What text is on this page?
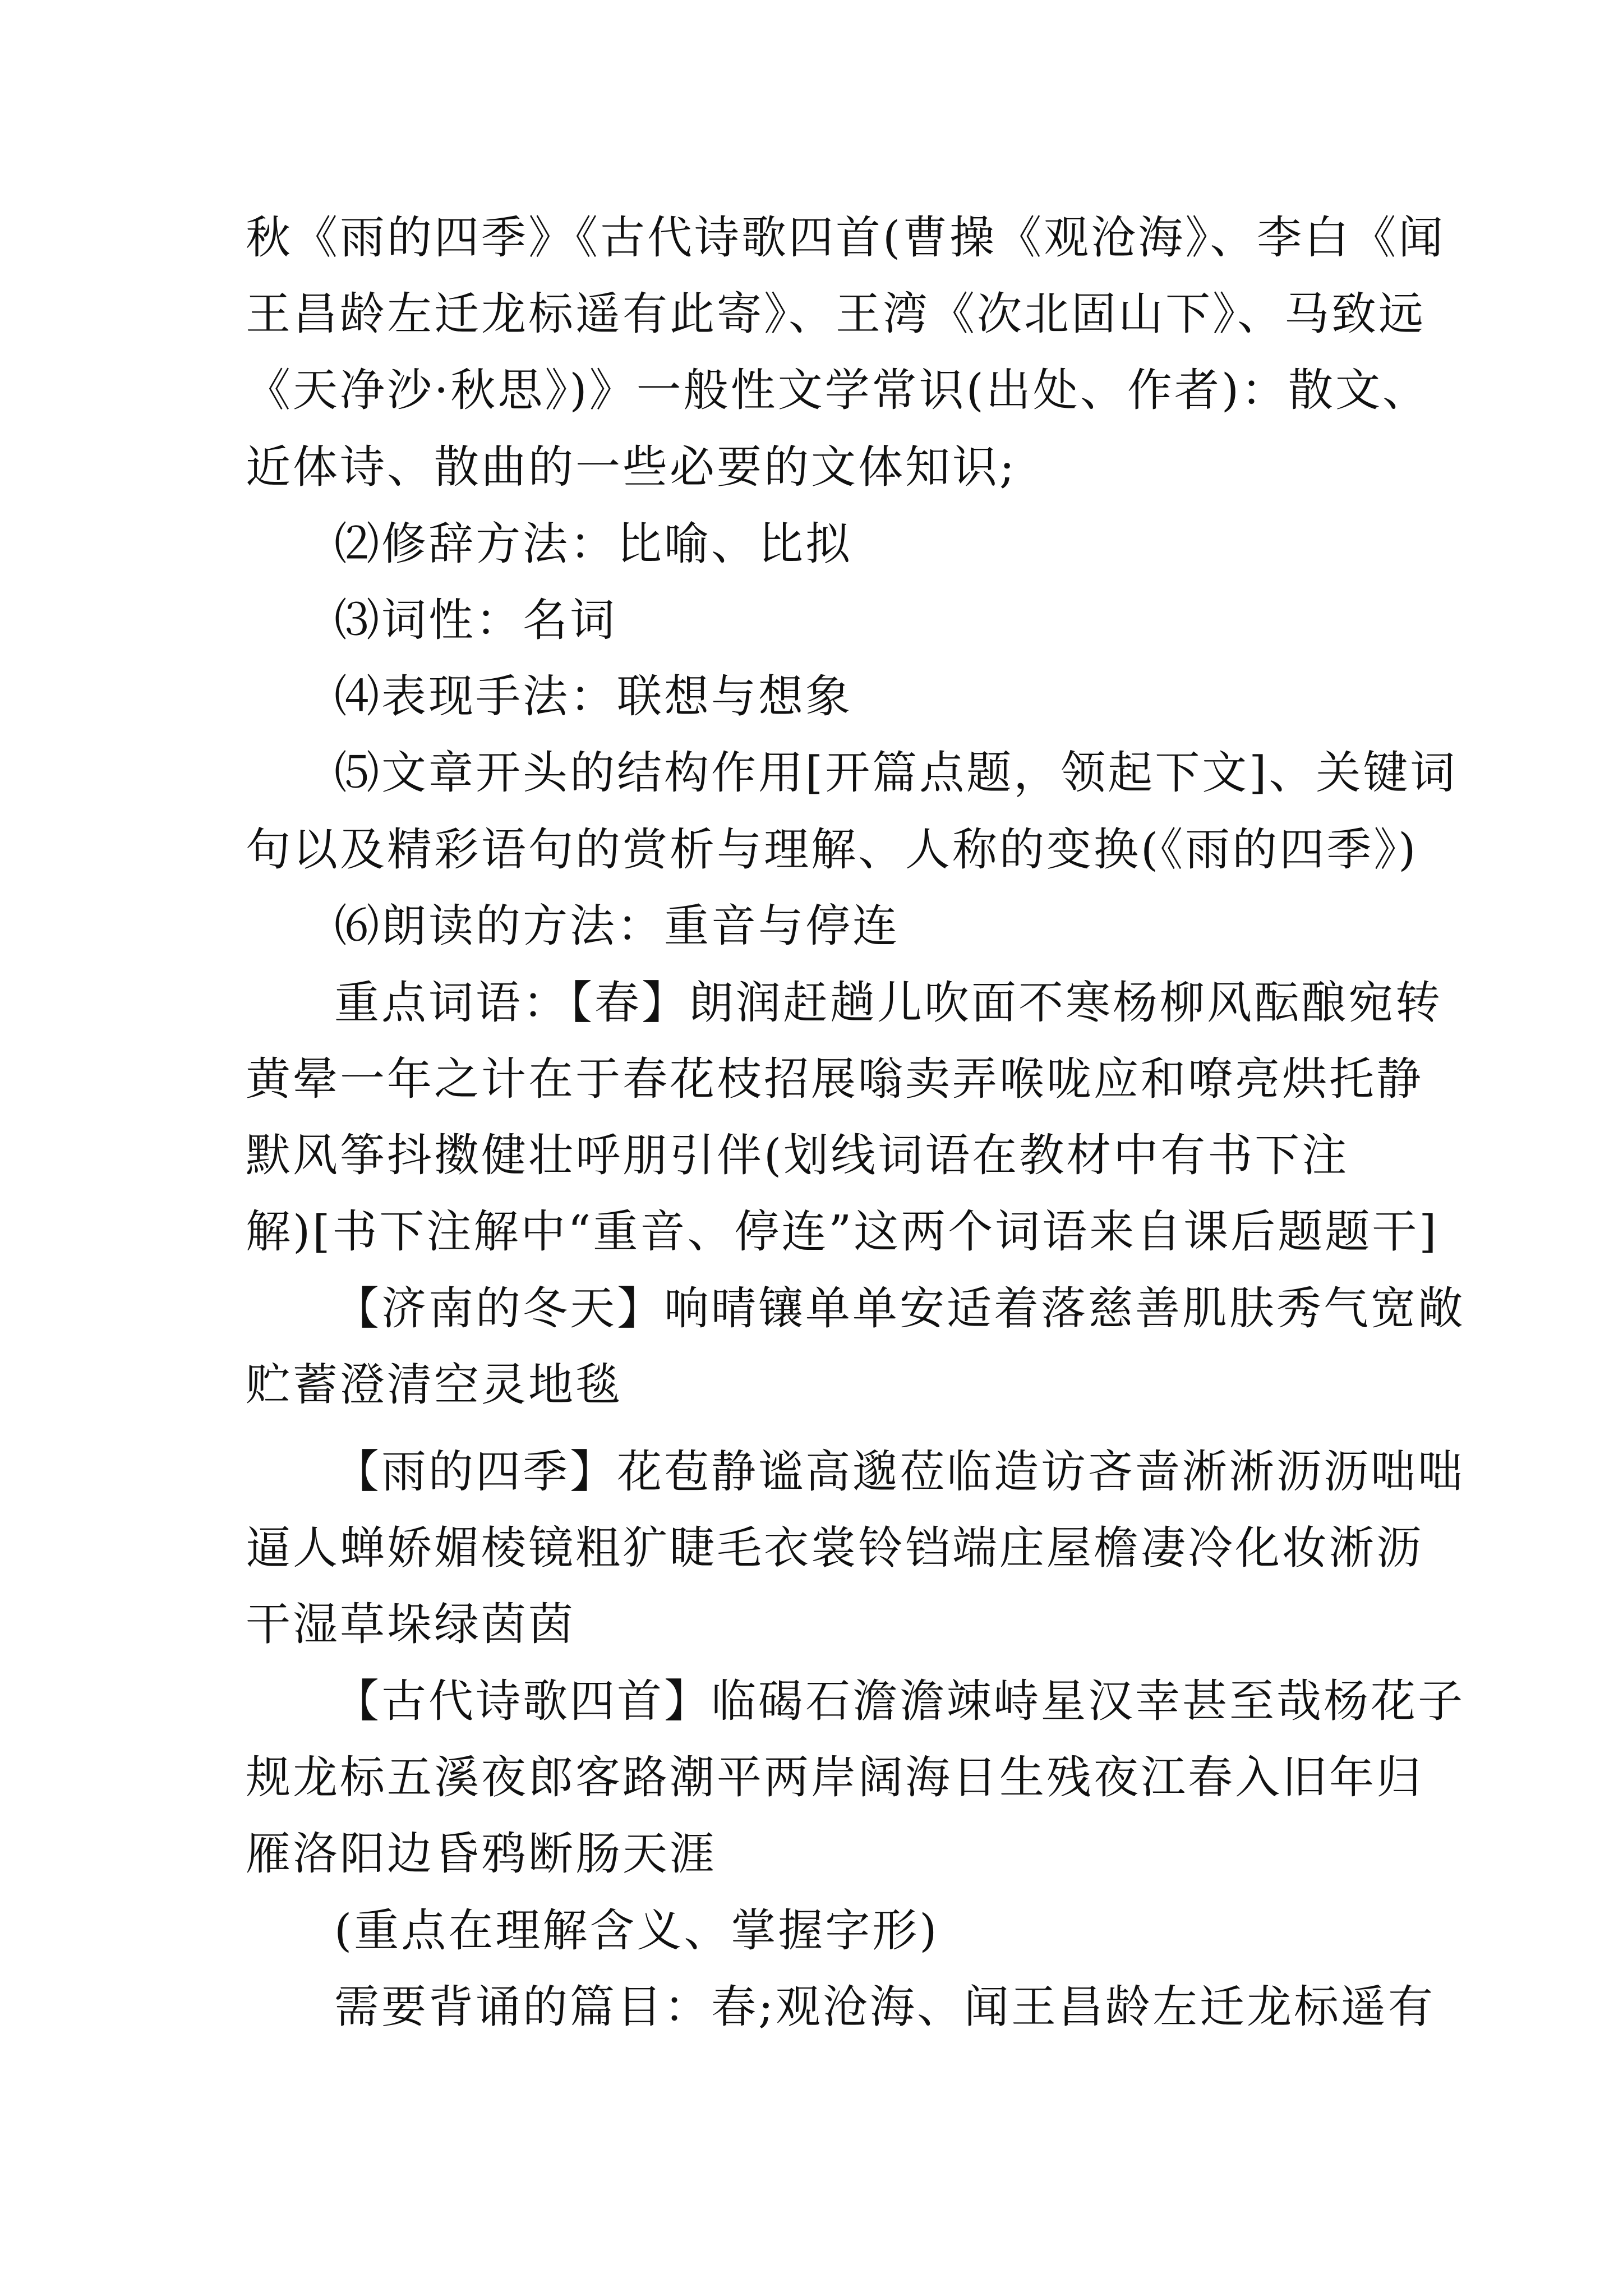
秋《雨的四季》《古代诗歌四首(曹操《观沧海》、李白《闻
王昌龄左迁龙标遥有此寄》、王湾《次北固山下》、马致远
《天净沙·秋思》)》一般性文学常识(出处、作者)：散文、
近体诗、散曲的一些必要的文体知识;
⑵修辞方法：比喻、比拟
⑶词性：名词
⑷表现手法：联想与想象
⑸文章开头的结构作用[开篇点题，领起下文]、关键词
句以及精彩语句的赏析与理解、人称的变换(《雨的四季》)
⑹朗读的方法：重音与停连
重点词语：【春】朗润赶趟儿吹面不寒杨柳风酝酿宛转
黄晕一年之计在于春花枝招展嗡卖弄喉咙应和嘹亮烘托静
默风筝抖擞健壮呼朋引伴(划线词语在教材中有书下注
解)[书下注解中“重音、停连”这两个词语来自课后题题干]
【济南的冬天】响晴镶单单安适着落慈善肌肤秀气宽敞
贮蓄澄清空灵地毯
【雨的四季】花苞静谧高邈莅临造访吝啬淅淅沥沥咄咄
逼人蝉娇媚棱镜粗犷睫毛衣裳铃铛端庄屋檐凄冷化妆淅沥
干湿草垛绿茵茵
【古代诗歌四首】临碣石澹澹竦峙星汉幸甚至哉杨花子
规龙标五溪夜郎客路潮平两岸阔海日生残夜江春入旧年归
雁洛阳边昏鸦断肠天涯
(重点在理解含义、掌握字形)
需要背诵的篇目：春;观沧海、闻王昌龄左迁龙标遥有
